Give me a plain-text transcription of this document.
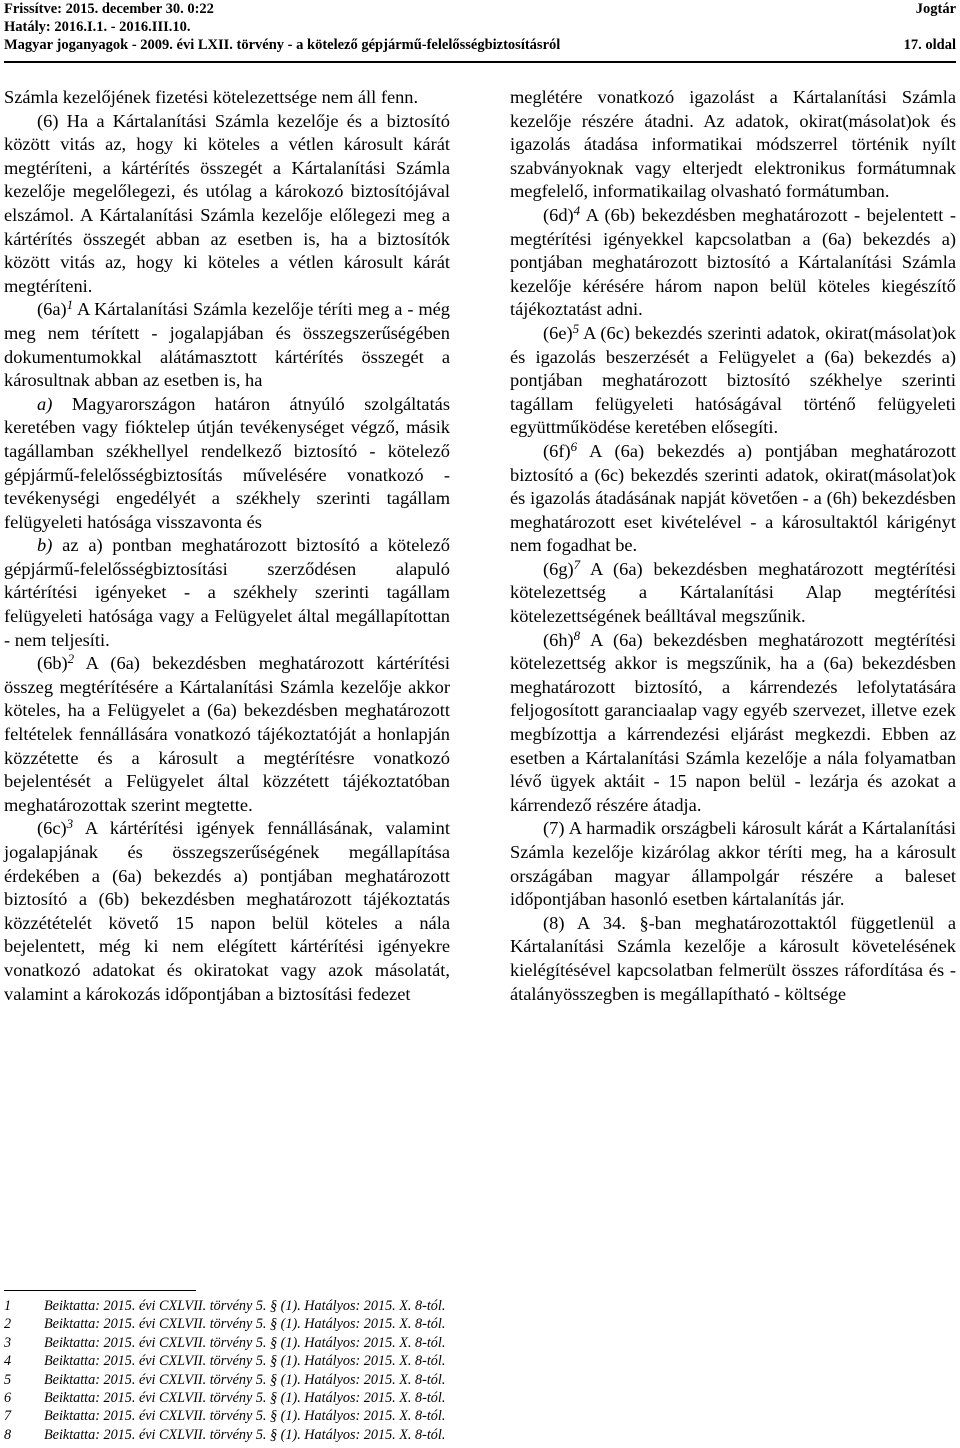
Frissítve: 2015. december 30. 0:22
Hatály: 2016.I.1. - 2016.III.10.
Magyar joganyagok - 2009. évi LXII. törvény - a kötelező gépjármű-felelősségbiztosításról
Jogtár
17. oldal

Számla kezelőjének fizetési kötelezettsége nem áll fenn.

(6) Ha a Kártalanítási Számla kezelője és a biztosító között vitás az, hogy ki köteles a vétlen károsult kárát megtéríteni, a kártérítés összegét a Kártalanítási Számla kezelője megelőlegezi, és utólag a károkozó biztosítójával elszámol. A Kártalanítási Számla kezelője előlegezi meg a kártérítés összegét abban az esetben is, ha a biztosítók között vitás az, hogy ki köteles a vétlen károsult kárát megtéríteni.

$(6a)^1$ A Kártalanítási Számla kezelője téríti meg a - még meg nem térített - jogalapjában és összegszerűségében dokumentumokkal alátámasztott kártérítés összegét a károsultnak abban az esetben is, ha

a) Magyarországon határon átnyúló szolgáltatás keretében vagy fióktelep útján tevékenységet végző, másik tagállamban székhellyel rendelkező biztosító - kötelező gépjármű-felelősségbiztosítás művelésére vonatkozó - tevékenységi engedélyét a székhely szerinti tagállam felügyeleti hatósága visszavonta és

b) az a) pontban meghatározott biztosító a kötelező gépjármű-felelősségbiztosítási szerződésen alapuló kártérítési igényeket - a székhely szerinti tagállam felügyeleti hatósága vagy a Felügyelet által megállapítottan - nem teljesíti.

$(6b)^2$ A (6a) bekezdésben meghatározott kártérítési összeg megtérítésére a Kártalanítási Számla kezelője akkor köteles, ha a Felügyelet a (6a) bekezdésben meghatározott feltételek fennállására vonatkozó tájékoztatóját a honlapján közzétette és a károsult a megtérítésre vonatkozó bejelentését a Felügyelet által közzétett tájékoztatóban meghatározottak szerint megtette.

$(6c)^3$ A kártérítési igények fennállásának, valamint jogalapjának és összegszerűségének megállapítása érdekében a (6a) bekezdés a) pontjában meghatározott biztosító a (6b) bekezdésben meghatározott tájékoztatás közzétételét követő 15 napon belül köteles a nála bejelentett, még ki nem elégített kártérítési igényekre vonatkozó adatokat és okiratokat vagy azok másolatát, valamint a károkozás időpontjában a biztosítási fedezet

meglétére vonatkozó igazolást a Kártalanítási Számla kezelője részére átadni. Az adatok, okirat(másolat)ok és igazolás átadása informatikai módszerrel történik nyílt szabványoknak vagy elterjedt elektronikus formátumnak megfelelő, informatikailag olvasható formátumban.

$(6d)^4$ A (6b) bekezdésben meghatározott - bejelentett - megtérítési igényekkel kapcsolatban a (6a) bekezdés a) pontjában meghatározott biztosító a Kártalanítási Számla kezelője kérésére három napon belül köteles kiegészítő tájékoztatást adni.

$(6e)^5$ A (6c) bekezdés szerinti adatok, okirat(másolat)ok és igazolás beszerzését a Felügyelet a (6a) bekezdés a) pontjában meghatározott biztosító székhelye szerinti tagállam felügyeleti hatóságával történő felügyeleti együttműködése keretében elősegíti.

$(6f)^6$ A (6a) bekezdés a) pontjában meghatározott biztosító a (6c) bekezdés szerinti adatok, okirat(másolat)ok és igazolás átadásának napját követően - a (6h) bekezdésben meghatározott eset kivételével - a károsultaktól kárigényt nem fogadhat be.

$(6g)^7$ A (6a) bekezdésben meghatározott megtérítési kötelezettség a Kártalanítási Alap megtérítési kötelezettségének beálltával megszűnik.

$(6h)^8$ A (6a) bekezdésben meghatározott megtérítési kötelezettség akkor is megszűnik, ha a (6a) bekezdésben meghatározott biztosító, a kárrendezés lefolytatására feljogosított garanciaalap vagy egyéb szervezet, illetve ezek megbízottja a kárrendezési eljárást megkezdi. Ebben az esetben a Kártalanítási Számla kezelője a nála folyamatban lévő ügyek aktáit - 15 napon belül - lezárja és azokat a kárrendező részére átadja.

(7) A harmadik országbeli károsult kárát a Kártalanítási Számla kezelője kizárólag akkor téríti meg, ha a károsult országában magyar állampolgár részére a baleset időpontjában hasonló esetben kártalanítás jár.

(8) A 34. §-ban meghatározottaktól függetlenül a Kártalanítási Számla kezelője a károsult követelésének kielégítésével kapcsolatban felmerült összes ráfordítása és - átalányösszegben is megállapítható - költsége

1 Beiktatta: 2015. évi CXLVII. törvény 5. § (1). Hatályos: 2015. X. 8-tól.
2 Beiktatta: 2015. évi CXLVII. törvény 5. § (1). Hatályos: 2015. X. 8-tól.
3 Beiktatta: 2015. évi CXLVII. törvény 5. § (1). Hatályos: 2015. X. 8-tól.
4 Beiktatta: 2015. évi CXLVII. törvény 5. § (1). Hatályos: 2015. X. 8-tól.
5 Beiktatta: 2015. évi CXLVII. törvény 5. § (1). Hatályos: 2015. X. 8-tól.
6 Beiktatta: 2015. évi CXLVII. törvény 5. § (1). Hatályos: 2015. X. 8-tól.
7 Beiktatta: 2015. évi CXLVII. törvény 5. § (1). Hatályos: 2015. X. 8-tól.
8 Beiktatta: 2015. évi CXLVII. törvény 5. § (1). Hatályos: 2015. X. 8-tól.
